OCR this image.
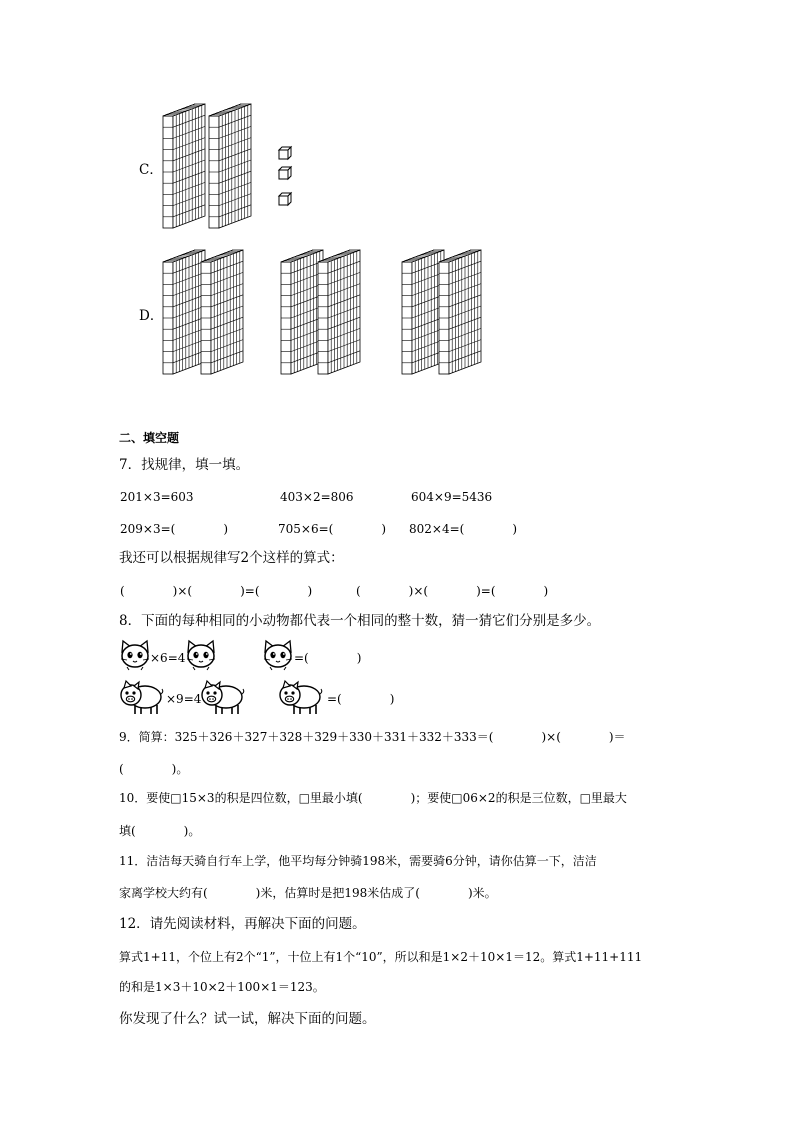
C．
D．
二、填空题
7．找规律，填一填。
201×3=603	403×2=806	604×9=5436
209×3=(　　　　)	705×6=(　　　　) 802×4=(　　　　)
我还可以根据规律写2个这样的算式：
(　　　　)×(　　　　)=(　　　　)	(　　　　)×(　　　　)=(　　　　)
8．下面的每种相同的小动物都代表一个相同的整十数，猜一猜它们分别是多少。
×6=4	=(　　　　)
×9=4	=(　　　　)
9．简算：325＋326＋327＋328＋329＋330＋331＋332＋333＝(　　　　)×(　　　　)＝
(　　　　)。
10．要使□15×3的积是四位数，□里最小填(　　　　)；要使□06×2的积是三位数，□里最大
填(　　　　)。
11．洁洁每天骑自行车上学，他平均每分钟骑198米，需要骑6分钟，请你估算一下，洁洁
家离学校大约有(　　　　)米，估算时是把198米估成了(　　　　)米。
12．请先阅读材料，再解决下面的问题。
算式1+11，个位上有2个“1”，十位上有1个“10”，所以和是1×2＋10×1＝12。算式1+11+111
的和是1×3＋10×2＋100×1＝123。
你发现了什么？试一试，解决下面的问题。
